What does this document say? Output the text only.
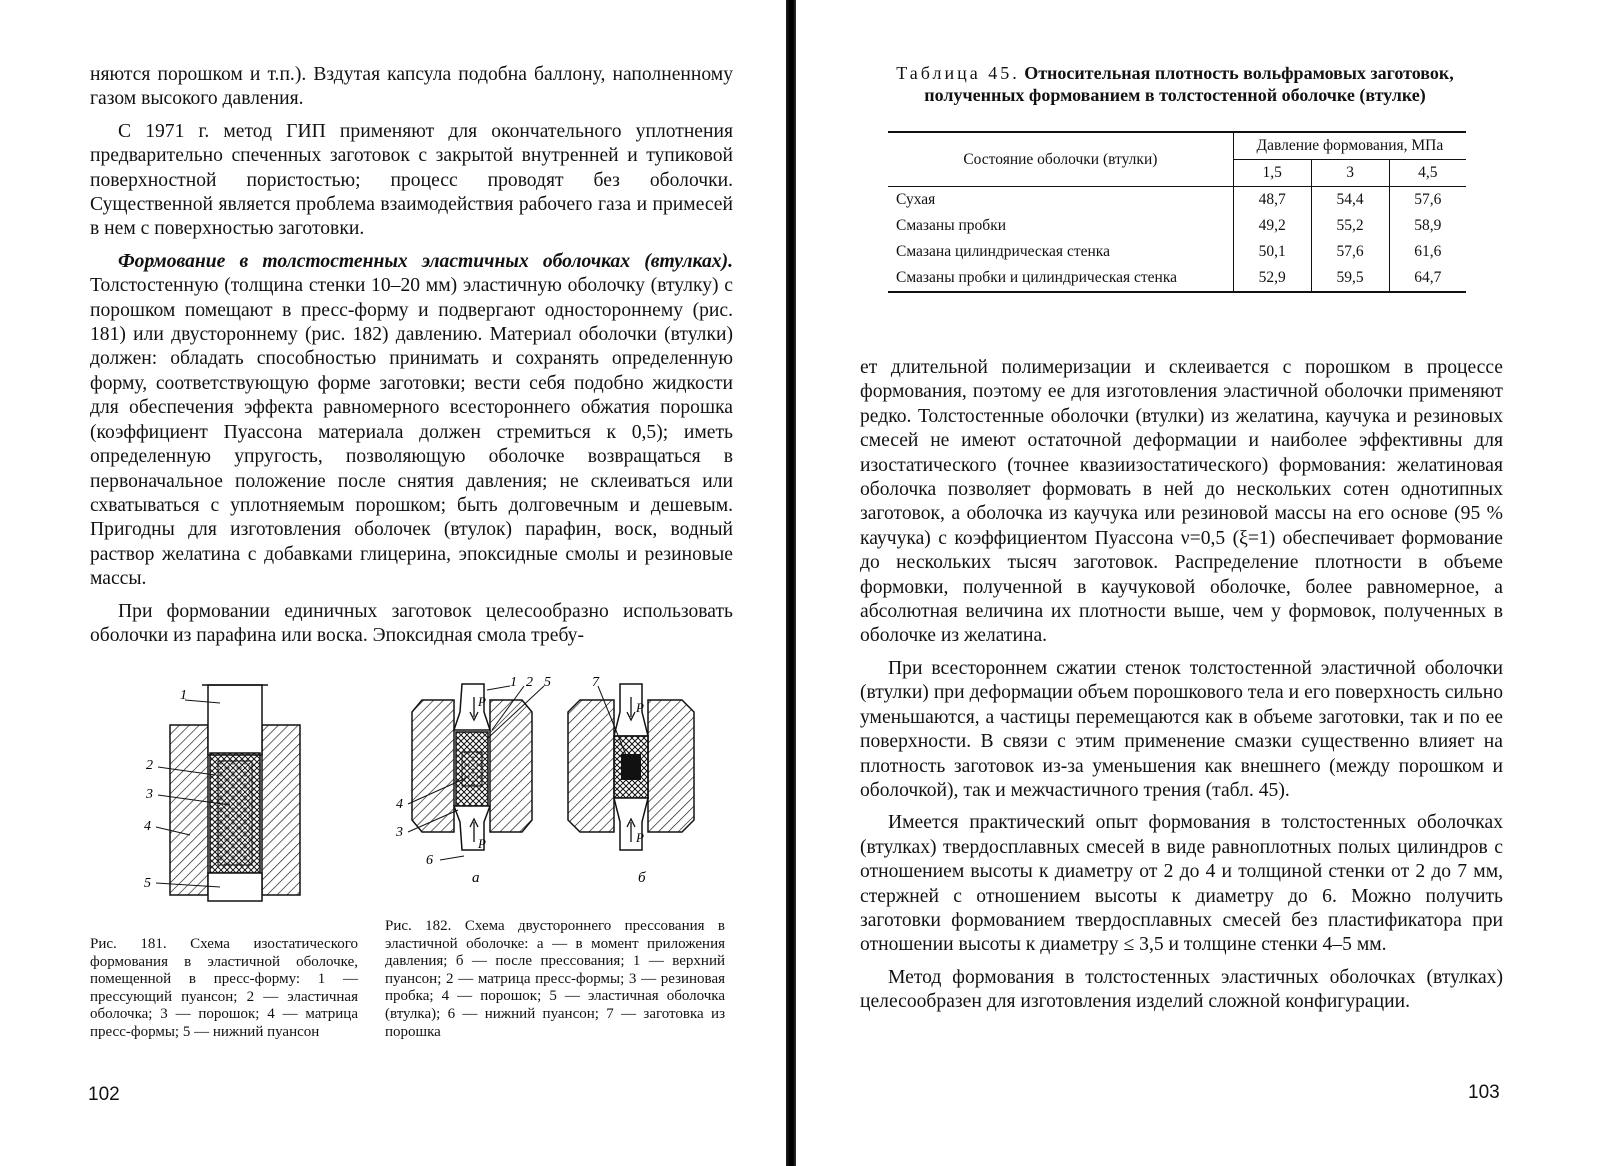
няются порошком и т.п.). Вздутая капсула подобна баллону, наполненному газом высокого давления.

С 1971 г. метод ГИП применяют для окончательного уплотнения предварительно спеченных заготовок с закрытой внутренней и тупиковой поверхностной пористостью; процесс проводят без оболочки. Существенной является проблема взаимодействия рабочего газа и примесей в нем с поверхностью заготовки.

Формование в толстостенных эластичных оболочках (втулках). Толстостенную (толщина стенки 10–20 мм) эластичную оболочку (втулку) с порошком помещают в пресс-форму и подвергают одностороннему (рис. 181) или двустороннему (рис. 182) давлению. Материал оболочки (втулки) должен: обладать способностью принимать и сохранять определенную форму, соответствующую форме заготовки; вести себя подобно жидкости для обеспечения эффекта равномерного всестороннего обжатия порошка (коэффициент Пуассона материала должен стремиться к 0,5); иметь определенную упругость, позволяющую оболочке возвращаться в первоначальное положение после снятия давления; не склеиваться или схватываться с уплотняемым порошком; быть долговечным и дешевым. Пригодны для изготовления оболочек (втулок) парафин, воск, водный раствор желатина с добавками глицерина, эпоксидные смолы и резиновые массы.

При формовании единичных заготовок целесообразно использовать оболочки из парафина или воска. Эпоксидная смола требу-

1
2
3
4
5
Рис. 181. Схема изостатического формования в эластичной оболочке, помещенной в пресс-форму: 1 — прессующий пуансон; 2 — эластичная оболочка; 3 — порошок; 4 — матрица пресс-формы; 5 — нижний пуансон
P
P
1 2 5
4
3
6
а
P
P
7
б
Рис. 182. Схема двустороннего прессования в эластичной оболочке: а — в момент приложения давления; б — после прессования; 1 — верхний пуансон; 2 — матрица пресс-формы; 3 — резиновая пробка; 4 — порошок; 5 — эластичная оболочка (втулка); 6 — нижний пуансон; 7 — заготовка из порошка
102
Таблица 45. Относительная плотность вольфрамовых заготовок, полученных формованием в толстостенной оболочке (втулке)
Состояние оболочки (втулки)	Давление формования, МПа		
	1,5	3	4,5
Сухая	48,7	54,4	57,6
Смазаны пробки	49,2	55,2	58,9
Смазана цилиндрическая стенка	50,1	57,6	61,6
Смазаны пробки и цилиндрическая стенка	52,9	59,5	64,7

ет длительной полимеризации и склеивается с порошком в процессе формования, поэтому ее для изготовления эластичной оболочки применяют редко. Толстостенные оболочки (втулки) из желатина, каучука и резиновых смесей не имеют остаточной деформации и наиболее эффективны для изостатического (точнее квазиизостатического) формования: желатиновая оболочка позволяет формовать в ней до нескольких сотен однотипных заготовок, а оболочка из каучука или резиновой массы на его основе (95 % каучука) с коэффициентом Пуассона ν=0,5 (ξ=1) обеспечивает формование до нескольких тысяч заготовок. Распределение плотности в объеме формовки, полученной в каучуковой оболочке, более равномерное, а абсолютная величина их плотности выше, чем у формовок, полученных в оболочке из желатина.

При всестороннем сжатии стенок толстостенной эластичной оболочки (втулки) при деформации объем порошкового тела и его поверхность сильно уменьшаются, а частицы перемещаются как в объеме заготовки, так и по ее поверхности. В связи с этим применение смазки существенно влияет на плотность заготовок из-за уменьшения как внешнего (между порошком и оболочкой), так и межчастичного трения (табл. 45).

Имеется практический опыт формования в толстостенных оболочках (втулках) твердосплавных смесей в виде равноплотных полых цилиндров с отношением высоты к диаметру от 2 до 4 и толщиной стенки от 2 до 7 мм, стержней с отношением высоты к диаметру до 6. Можно получить заготовки формованием твердосплавных смесей без пластификатора при отношении высоты к диаметру ≤ 3,5 и толщине стенки 4–5 мм.

Метод формования в толстостенных эластичных оболочках (втулках) целесообразен для изготовления изделий сложной конфигурации.

103
